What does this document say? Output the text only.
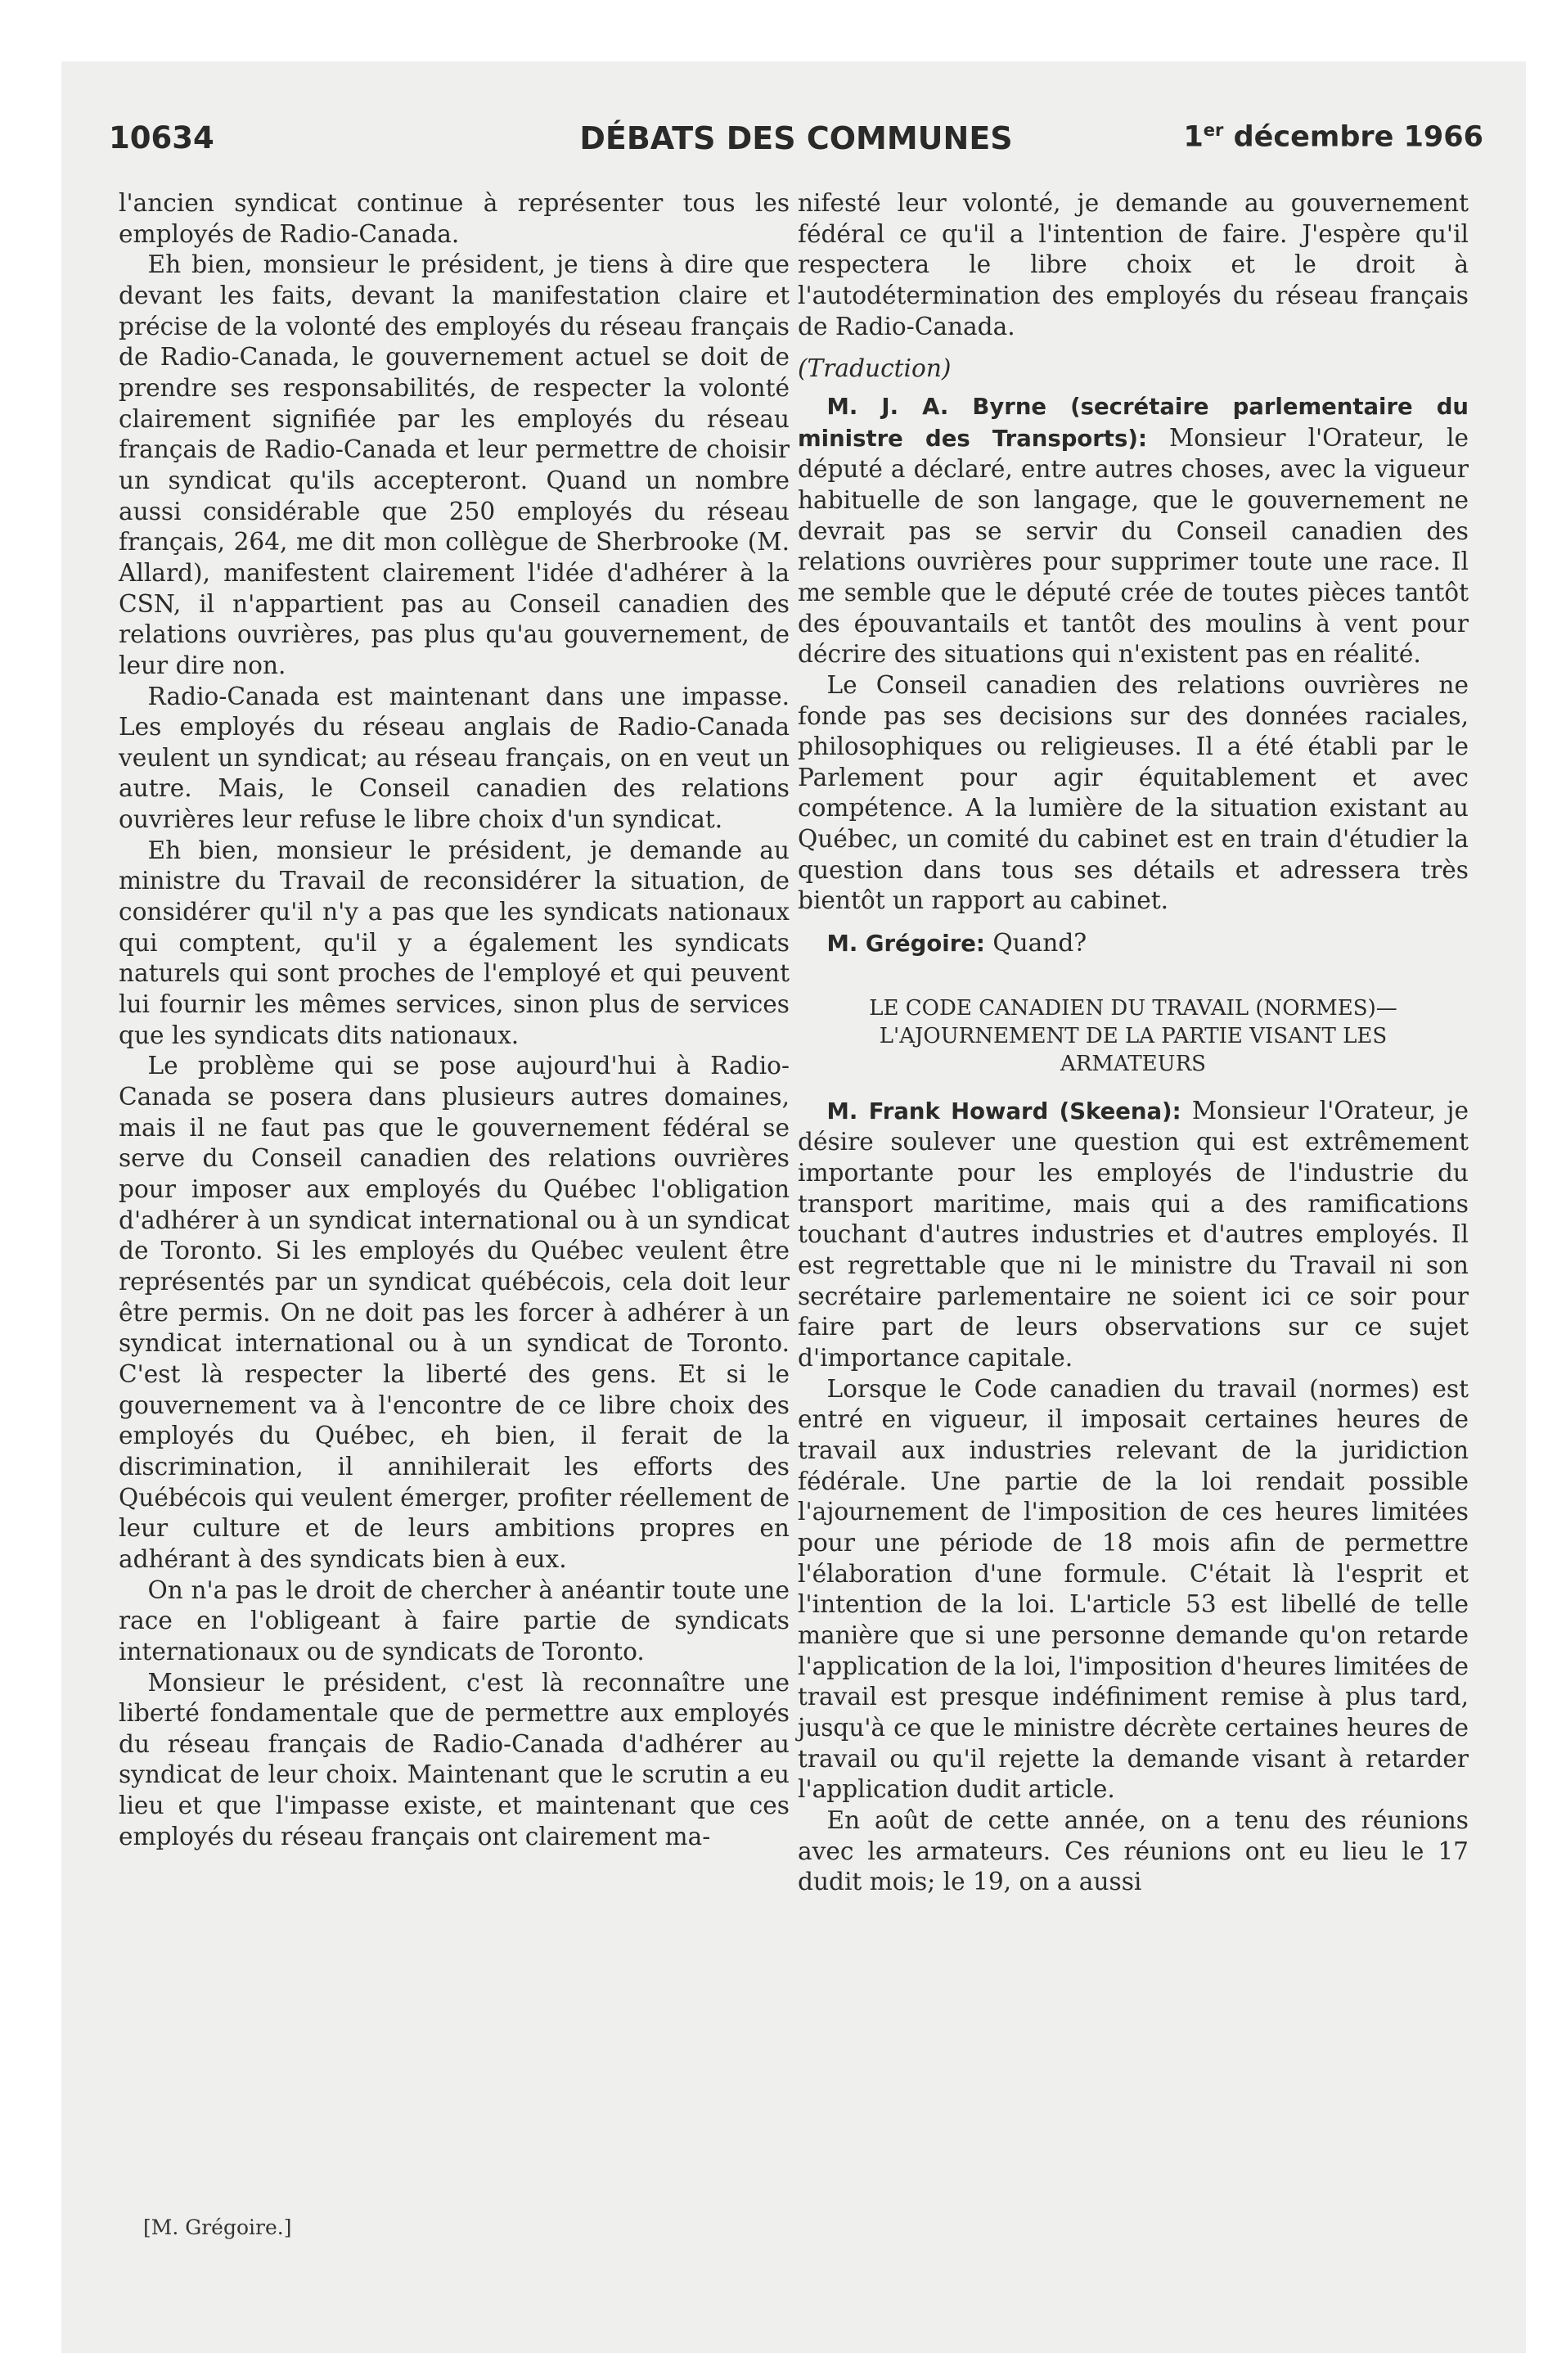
10634	DÉBATS DES COMMUNES	1er décembre 1966

l'ancien syndicat continue à représenter tous les employés de Radio-Canada.

Eh bien, monsieur le président, je tiens à dire que devant les faits, devant la manifestation claire et précise de la volonté des employés du réseau français de Radio-Canada, le gouvernement actuel se doit de prendre ses responsabilités, de respecter la volonté clairement signifiée par les employés du réseau français de Radio-Canada et leur permettre de choisir un syndicat qu'ils accepteront. Quand un nombre aussi considérable que 250 employés du réseau français, 264, me dit mon collègue de Sherbrooke (M. Allard), manifestent clairement l'idée d'adhérer à la CSN, il n'appartient pas au Conseil canadien des relations ouvrières, pas plus qu'au gouvernement, de leur dire non.

Radio-Canada est maintenant dans une impasse. Les employés du réseau anglais de Radio-Canada veulent un syndicat; au réseau français, on en veut un autre. Mais, le Conseil canadien des relations ouvrières leur refuse le libre choix d'un syndicat.

Eh bien, monsieur le président, je demande au ministre du Travail de reconsidérer la situation, de considérer qu'il n'y a pas que les syndicats nationaux qui comptent, qu'il y a également les syndicats naturels qui sont proches de l'employé et qui peuvent lui fournir les mêmes services, sinon plus de services que les syndicats dits nationaux.

Le problème qui se pose aujourd'hui à Radio-Canada se posera dans plusieurs autres domaines, mais il ne faut pas que le gouvernement fédéral se serve du Conseil canadien des relations ouvrières pour imposer aux employés du Québec l'obligation d'adhérer à un syndicat international ou à un syndicat de Toronto. Si les employés du Québec veulent être représentés par un syndicat québécois, cela doit leur être permis. On ne doit pas les forcer à adhérer à un syndicat international ou à un syndicat de Toronto. C'est là respecter la liberté des gens. Et si le gouvernement va à l'encontre de ce libre choix des employés du Québec, eh bien, il ferait de la discrimination, il annihilerait les efforts des Québécois qui veulent émerger, profiter réellement de leur culture et de leurs ambitions propres en adhérant à des syndicats bien à eux.

On n'a pas le droit de chercher à anéantir toute une race en l'obligeant à faire partie de syndicats internationaux ou de syndicats de Toronto.

Monsieur le président, c'est là reconnaître une liberté fondamentale que de permettre aux employés du réseau français de Radio-Canada d'adhérer au syndicat de leur choix. Maintenant que le scrutin a eu lieu et que l'impasse existe, et maintenant que ces employés du réseau français ont clairement ma-

nifesté leur volonté, je demande au gouvernement fédéral ce qu'il a l'intention de faire. J'espère qu'il respectera le libre choix et le droit à l'autodétermination des employés du réseau français de Radio-Canada.

(Traduction)

M. J. A. Byrne (secrétaire parlementaire du ministre des Transports): Monsieur l'Orateur, le député a déclaré, entre autres choses, avec la vigueur habituelle de son langage, que le gouvernement ne devrait pas se servir du Conseil canadien des relations ouvrières pour supprimer toute une race. Il me semble que le député crée de toutes pièces tantôt des épouvantails et tantôt des moulins à vent pour décrire des situations qui n'existent pas en réalité.

Le Conseil canadien des relations ouvrières ne fonde pas ses decisions sur des données raciales, philosophiques ou religieuses. Il a été établi par le Parlement pour agir équitablement et avec compétence. A la lumière de la situation existant au Québec, un comité du cabinet est en train d'étudier la question dans tous ses détails et adressera très bientôt un rapport au cabinet.

M. Grégoire: Quand?

LE CODE CANADIEN DU TRAVAIL (NORMES)— L'AJOURNEMENT DE LA PARTIE VISANT LES ARMATEURS

M. Frank Howard (Skeena): Monsieur l'Orateur, je désire soulever une question qui est extrêmement importante pour les employés de l'industrie du transport maritime, mais qui a des ramifications touchant d'autres industries et d'autres employés. Il est regrettable que ni le ministre du Travail ni son secrétaire parlementaire ne soient ici ce soir pour faire part de leurs observations sur ce sujet d'importance capitale.

Lorsque le Code canadien du travail (normes) est entré en vigueur, il imposait certaines heures de travail aux industries relevant de la juridiction fédérale. Une partie de la loi rendait possible l'ajournement de l'imposition de ces heures limitées pour une période de 18 mois afin de permettre l'élaboration d'une formule. C'était là l'esprit et l'intention de la loi. L'article 53 est libellé de telle manière que si une personne demande qu'on retarde l'application de la loi, l'imposition d'heures limitées de travail est presque indéfiniment remise à plus tard, jusqu'à ce que le ministre décrète certaines heures de travail ou qu'il rejette la demande visant à retarder l'application dudit article.

En août de cette année, on a tenu des réunions avec les armateurs. Ces réunions ont eu lieu le 17 dudit mois; le 19, on a aussi

[M. Grégoire.]
